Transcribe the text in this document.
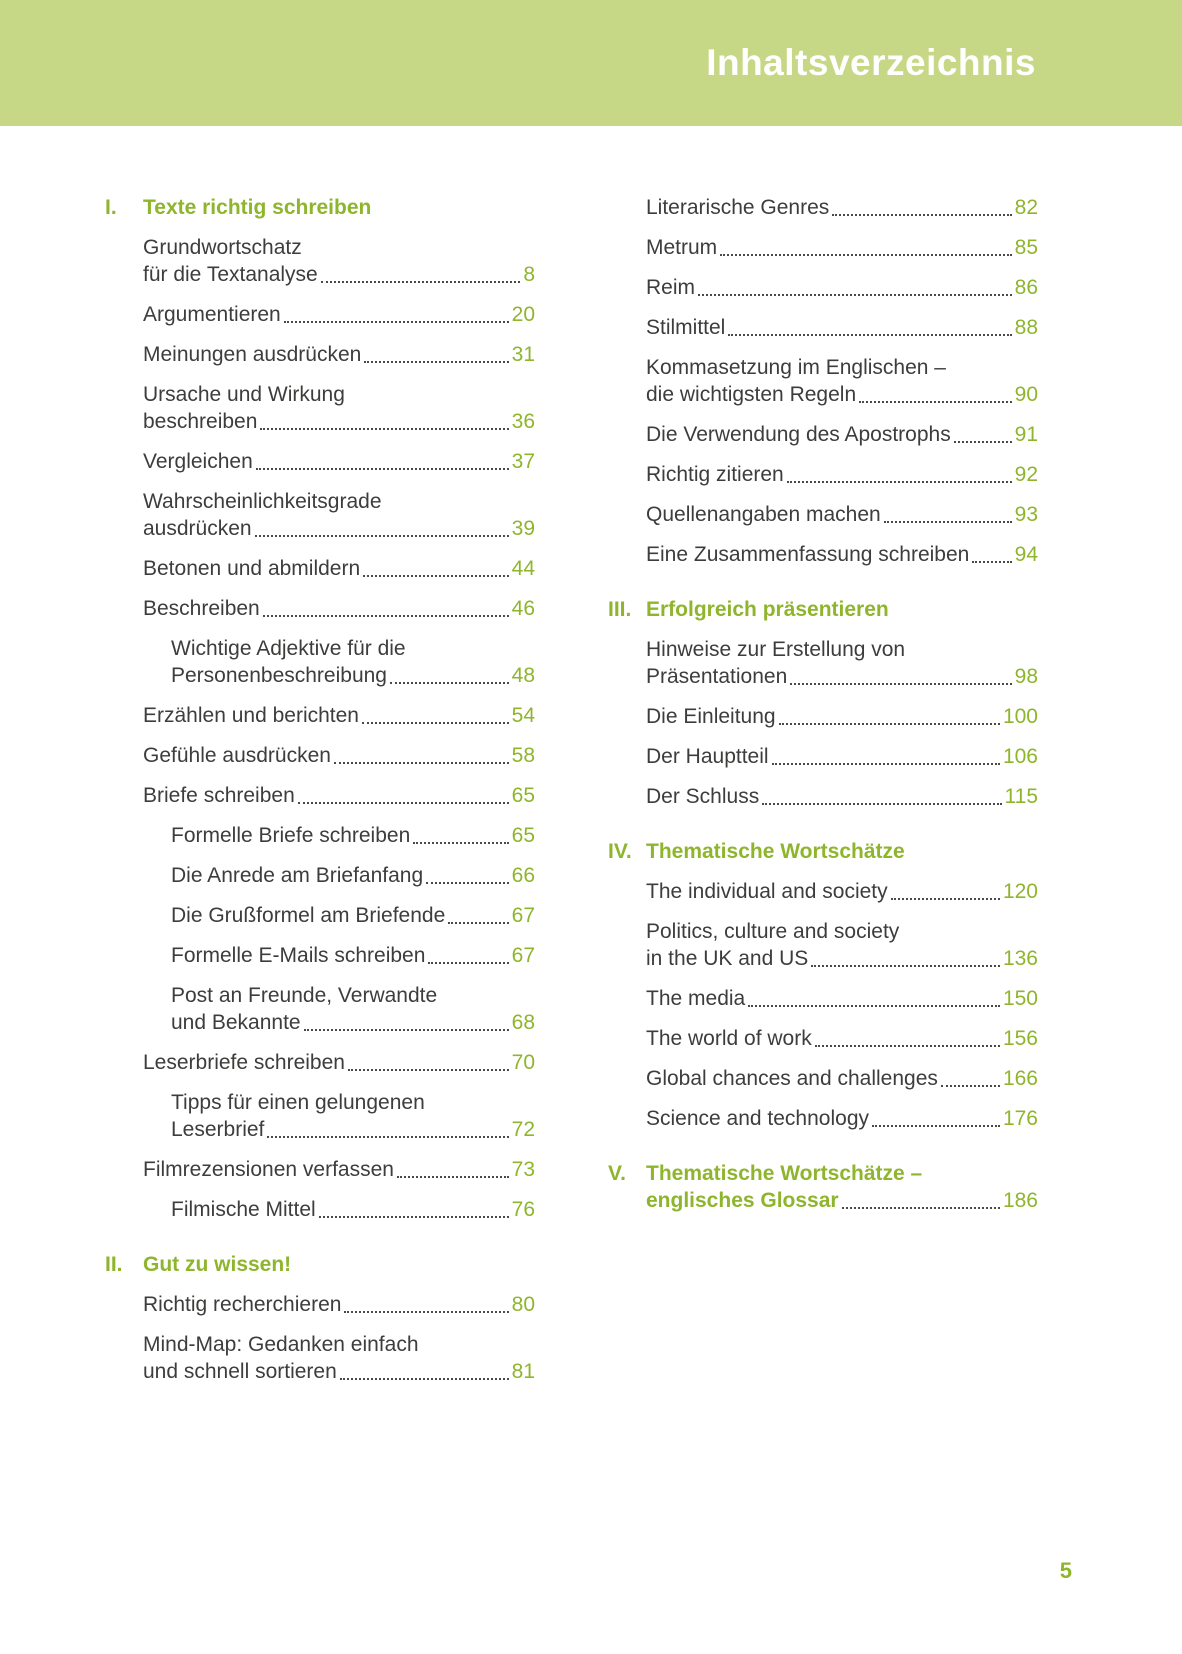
Inhaltsverzeichnis
I.	Texte richtig schreiben
Grundwortschatz
für die Textanalyse	8
Argumentieren	20
Meinungen ausdrücken	31
Ursache und Wirkung
beschreiben	36
Vergleichen	37
Wahrscheinlichkeitsgrade
ausdrücken	39
Betonen und abmildern	44
Beschreiben	46
Wichtige Adjektive für die
Personenbeschreibung	48
Erzählen und berichten	54
Gefühle ausdrücken	58
Briefe schreiben	65
Formelle Briefe schreiben	65
Die Anrede am Briefanfang	66
Die Grußformel am Briefende	67
Formelle E-Mails schreiben	67
Post an Freunde, Verwandte
und Bekannte	68
Leserbriefe schreiben	70
Tipps für einen gelungenen
Leserbrief	72
Filmrezensionen verfassen	73
Filmische Mittel	76
II. Gut zu wissen!
Richtig recherchieren	80
Mind-Map: Gedanken einfach
und schnell sortieren	81
Literarische Genres	82
Metrum	85
Reim	86
Stilmittel	88
Kommasetzung im Englischen –
die wichtigsten Regeln	90
Die Verwendung des Apostrophs	91
Richtig zitieren	92
Quellenangaben machen	93
Eine Zusammenfassung schreiben 94
III. Erfolgreich präsentieren
Hinweise zur Erstellung von
Präsentationen	98
Die Einleitung	100
Der Hauptteil	106
Der Schluss	115
IV. Thematische Wortschätze
The individual and society	120
Politics, culture and society
in the UK and US	136
The media	150
The world of work	156
Global chances and challenges	166
Science and technology	176
V. Thematische Wortschätze –
englisches Glossar	186
5
